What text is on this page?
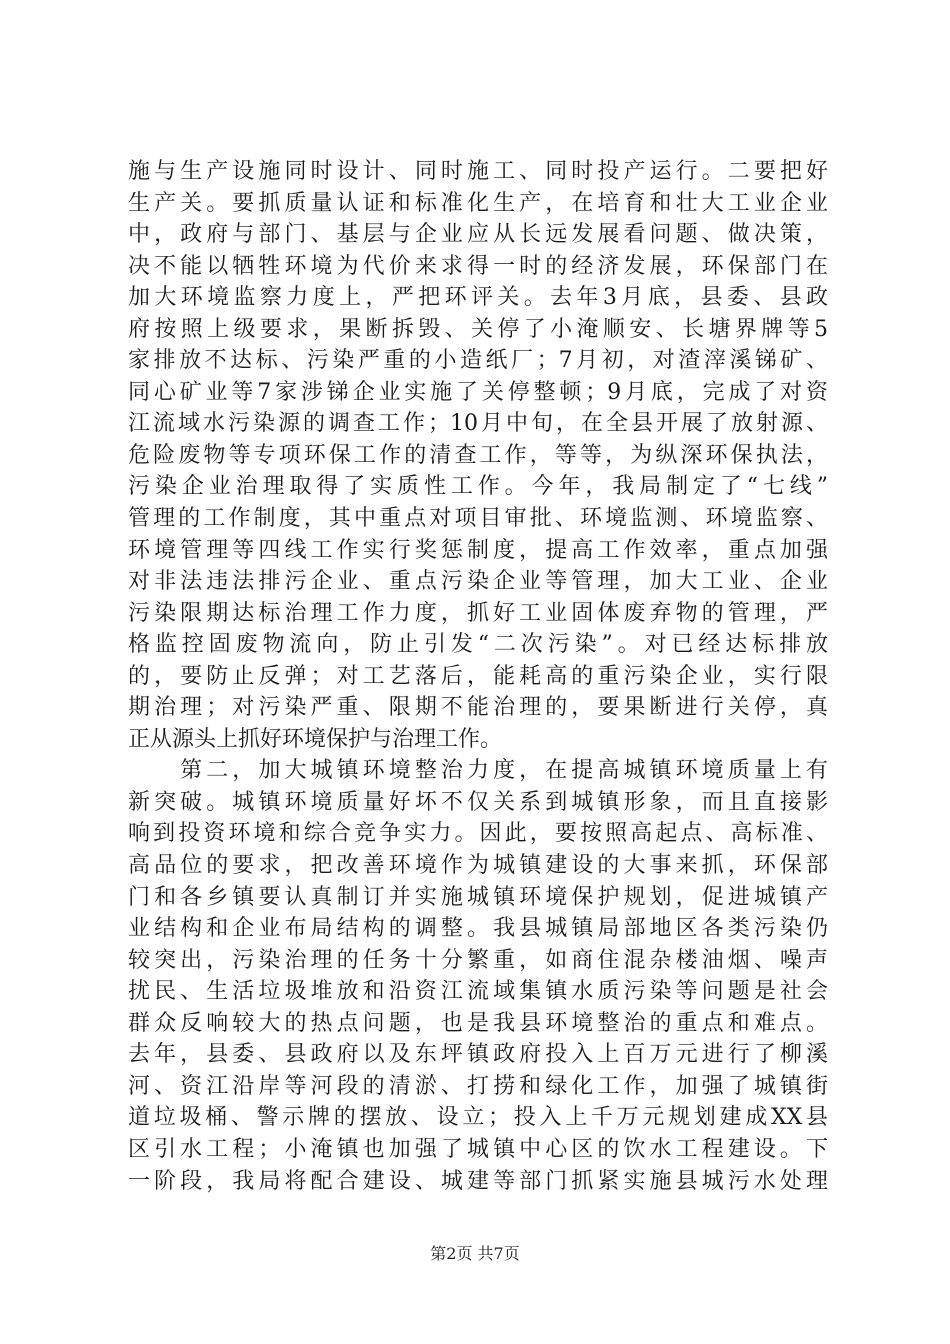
施与生产设施同时设计、同时施工、同时投产运行。二要把好
生产关。要抓质量认证和标准化生产，在培育和壮大工业企业
中，政府与部门、基层与企业应从长远发展看问题、做决策，
决不能以牺牲环境为代价来求得一时的经济发展，环保部门在
加大环境监察力度上，严把环评关。去年3月底，县委、县政
府按照上级要求，果断拆毁、关停了小淹顺安、长塘界牌等5
家排放不达标、污染严重的小造纸厂；7月初，对渣滓溪锑矿、
同心矿业等7家涉锑企业实施了关停整顿；9月底，完成了对资
江流域水污染源的调查工作；10月中旬，在全县开展了放射源、
危险废物等专项环保工作的清查工作，等等，为纵深环保执法，
污染企业治理取得了实质性工作。今年，我局制定了“七线”
管理的工作制度，其中重点对项目审批、环境监测、环境监察、
环境管理等四线工作实行奖惩制度，提高工作效率，重点加强
对非法违法排污企业、重点污染企业等管理，加大工业、企业
污染限期达标治理工作力度，抓好工业固体废弃物的管理，严
格监控固废物流向，防止引发“二次污染”。对已经达标排放
的，要防止反弹；对工艺落后，能耗高的重污染企业，实行限
期治理；对污染严重、限期不能治理的，要果断进行关停，真
正从源头上抓好环境保护与治理工作。
　　第二，加大城镇环境整治力度，在提高城镇环境质量上有
新突破。城镇环境质量好坏不仅关系到城镇形象，而且直接影
响到投资环境和综合竞争实力。因此，要按照高起点、高标准、
高品位的要求，把改善环境作为城镇建设的大事来抓，环保部
门和各乡镇要认真制订并实施城镇环境保护规划，促进城镇产
业结构和企业布局结构的调整。我县城镇局部地区各类污染仍
较突出，污染治理的任务十分繁重，如商住混杂楼油烟、噪声
扰民、生活垃圾堆放和沿资江流域集镇水质污染等问题是社会
群众反响较大的热点问题，也是我县环境整治的重点和难点。
去年，县委、县政府以及东坪镇政府投入上百万元进行了柳溪
河、资江沿岸等河段的清淤、打捞和绿化工作，加强了城镇街
道垃圾桶、警示牌的摆放、设立；投入上千万元规划建成XX县
区引水工程；小淹镇也加强了城镇中心区的饮水工程建设。下
一阶段，我局将配合建设、城建等部门抓紧实施县城污水处理
第2页 共7页
